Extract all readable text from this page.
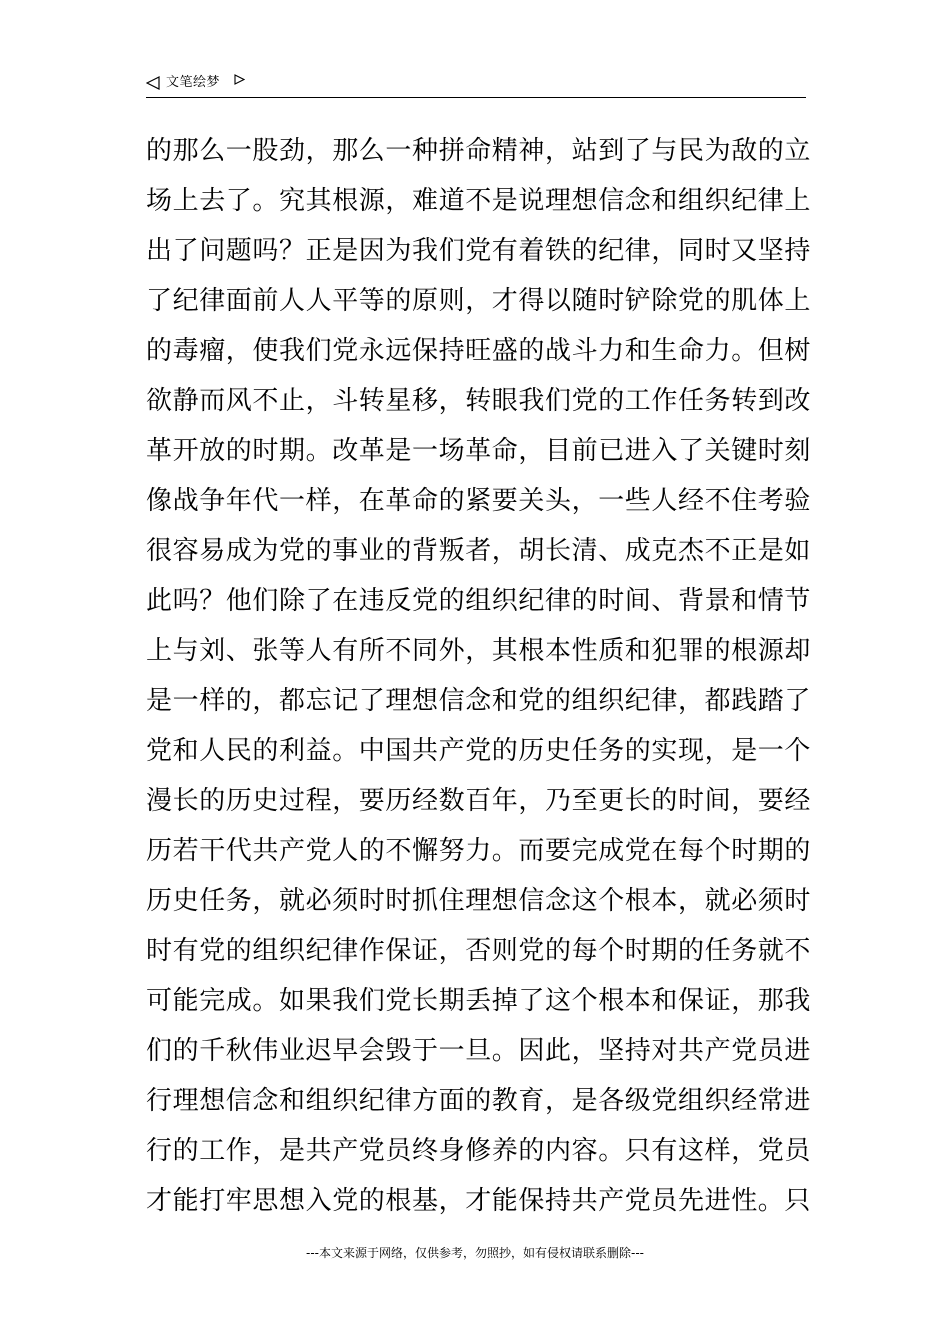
文笔绘梦
的那么一股劲，那么一种拼命精神，站到了与民为敌的立
场上去了。究其根源，难道不是说理想信念和组织纪律上
出了问题吗？正是因为我们党有着铁的纪律，同时又坚持
了纪律面前人人平等的原则，才得以随时铲除党的肌体上
的毒瘤，使我们党永远保持旺盛的战斗力和生命力。但树
欲静而风不止，斗转星移，转眼我们党的工作任务转到改
革开放的时期。改革是一场革命，目前已进入了关键时刻
像战争年代一样，在革命的紧要关头，一些人经不住考验
很容易成为党的事业的背叛者，胡长清、成克杰不正是如
此吗？他们除了在违反党的组织纪律的时间、背景和情节
上与刘、张等人有所不同外，其根本性质和犯罪的根源却
是一样的，都忘记了理想信念和党的组织纪律，都践踏了
党和人民的利益。中国共产党的历史任务的实现，是一个
漫长的历史过程，要历经数百年，乃至更长的时间，要经
历若干代共产党人的不懈努力。而要完成党在每个时期的
历史任务，就必须时时抓住理想信念这个根本，就必须时
时有党的组织纪律作保证，否则党的每个时期的任务就不
可能完成。如果我们党长期丢掉了这个根本和保证，那我
们的千秋伟业迟早会毁于一旦。因此，坚持对共产党员进
行理想信念和组织纪律方面的教育，是各级党组织经常进
行的工作，是共产党员终身修养的内容。只有这样，党员
才能打牢思想入党的根基，才能保持共产党员先进性。只
---本文来源于网络，仅供参考，勿照抄，如有侵权请联系删除---
